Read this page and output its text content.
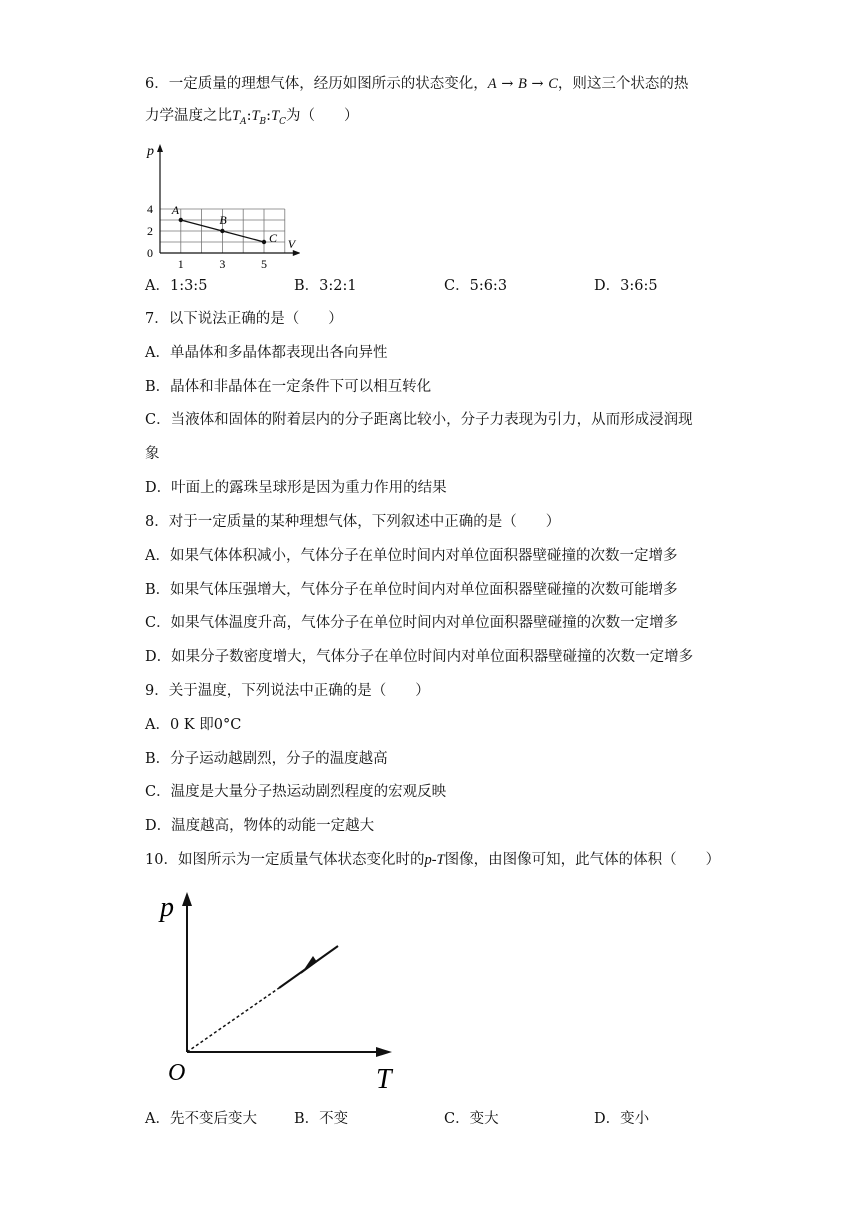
6．一定质量的理想气体，经历如图所示的状态变化，A → B → C，则这三个状态的热
力学温度之比$T_A:T_B:T_C$为（　　）
p
V
0
2
4
1	3	5
A
B
C
A．1:3:5	B．3:2:1	C．5:6:3	D．3:6:5
7．以下说法正确的是（　　）
A．单晶体和多晶体都表现出各向异性
B．晶体和非晶体在一定条件下可以相互转化
C．当液体和固体的附着层内的分子距离比较小，分子力表现为引力，从而形成浸润现
象
D．叶面上的露珠呈球形是因为重力作用的结果
8．对于一定质量的某种理想气体，下列叙述中正确的是（　　）
A．如果气体体积减小，气体分子在单位时间内对单位面积器壁碰撞的次数一定增多
B．如果气体压强增大，气体分子在单位时间内对单位面积器壁碰撞的次数可能增多
C．如果气体温度升高，气体分子在单位时间内对单位面积器壁碰撞的次数一定增多
D．如果分子数密度增大，气体分子在单位时间内对单位面积器壁碰撞的次数一定增多
9．关于温度，下列说法中正确的是（　　）
A．0 K 即0°C
B．分子运动越剧烈，分子的温度越高
C．温度是大量分子热运动剧烈程度的宏观反映
D．温度越高，物体的动能一定越大
10．如图所示为一定质量气体状态变化时的p-T图像，由图像可知，此气体的体积（　　）
p
T
O
A．先不变后变大	B．不变	C．变大	D．变小
